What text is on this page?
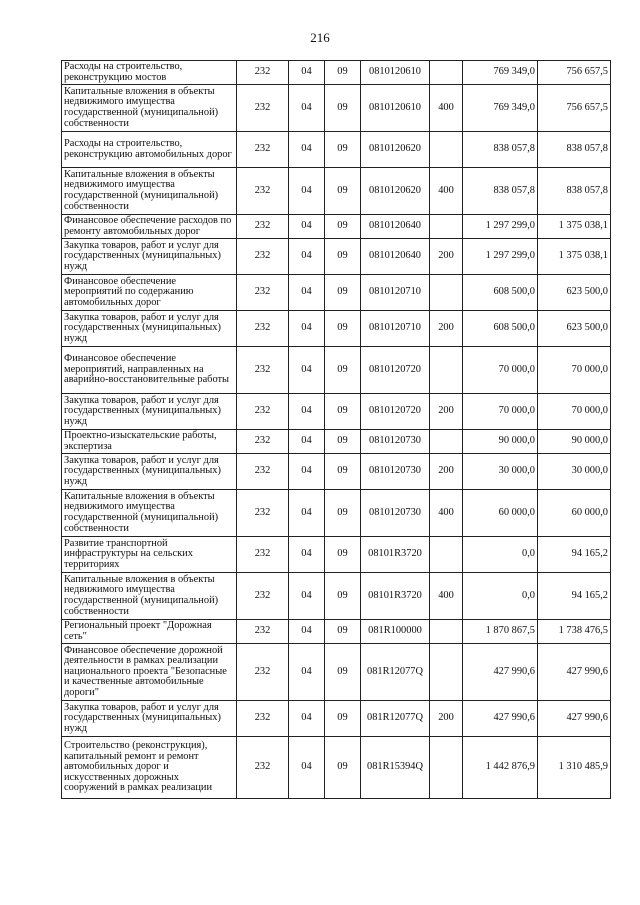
216
Расходы на строительство, реконструкцию мостов	232	04	09	0810120610		769 349,0	756 657,5
Капитальные вложения в объекты недвижимого имущества государственной (муниципальной) собственности	232	04	09	0810120610	400	769 349,0	756 657,5
Расходы на строительство, реконструкцию автомобильных дорог	232	04	09	0810120620		838 057,8	838 057,8
Капитальные вложения в объекты недвижимого имущества государственной (муниципальной) собственности	232	04	09	0810120620	400	838 057,8	838 057,8
Финансовое обеспечение расходов по ремонту автомобильных дорог	232	04	09	0810120640		1 297 299,0	1 375 038,1
Закупка товаров, работ и услуг для государственных (муниципальных) нужд	232	04	09	0810120640	200	1 297 299,0	1 375 038,1
Финансовое обеспечение мероприятий по содержанию автомобильных дорог	232	04	09	0810120710		608 500,0	623 500,0
Закупка товаров, работ и услуг для государственных (муниципальных) нужд	232	04	09	0810120710	200	608 500,0	623 500,0
Финансовое обеспечение мероприятий, направленных на аварийно-восстановительные работы	232	04	09	0810120720		70 000,0	70 000,0
Закупка товаров, работ и услуг для государственных (муниципальных) нужд	232	04	09	0810120720	200	70 000,0	70 000,0
Проектно-изыскательские работы, экспертиза	232	04	09	0810120730		90 000,0	90 000,0
Закупка товаров, работ и услуг для государственных (муниципальных) нужд	232	04	09	0810120730	200	30 000,0	30 000,0
Капитальные вложения в объекты недвижимого имущества государственной (муниципальной) собственности	232	04	09	0810120730	400	60 000,0	60 000,0
Развитие транспортной инфраструктуры на сельских территориях	232	04	09	08101R3720		0,0	94 165,2
Капитальные вложения в объекты недвижимого имущества государственной (муниципальной) собственности	232	04	09	08101R3720	400	0,0	94 165,2
Региональный проект "Дорожная сеть"	232	04	09	081R100000		1 870 867,5	1 738 476,5
Финансовое обеспечение дорожной деятельности в рамках реализации национального проекта "Безопасные и качественные автомобильные дороги"	232	04	09	081R12077Q		427 990,6	427 990,6
Закупка товаров, работ и услуг для государственных (муниципальных) нужд	232	04	09	081R12077Q	200	427 990,6	427 990,6
Строительство (реконструкция), капитальный ремонт и ремонт автомобильных дорог и искусственных дорожных сооружений в рамках реализации	232	04	09	081R15394Q		1 442 876,9	1 310 485,9
